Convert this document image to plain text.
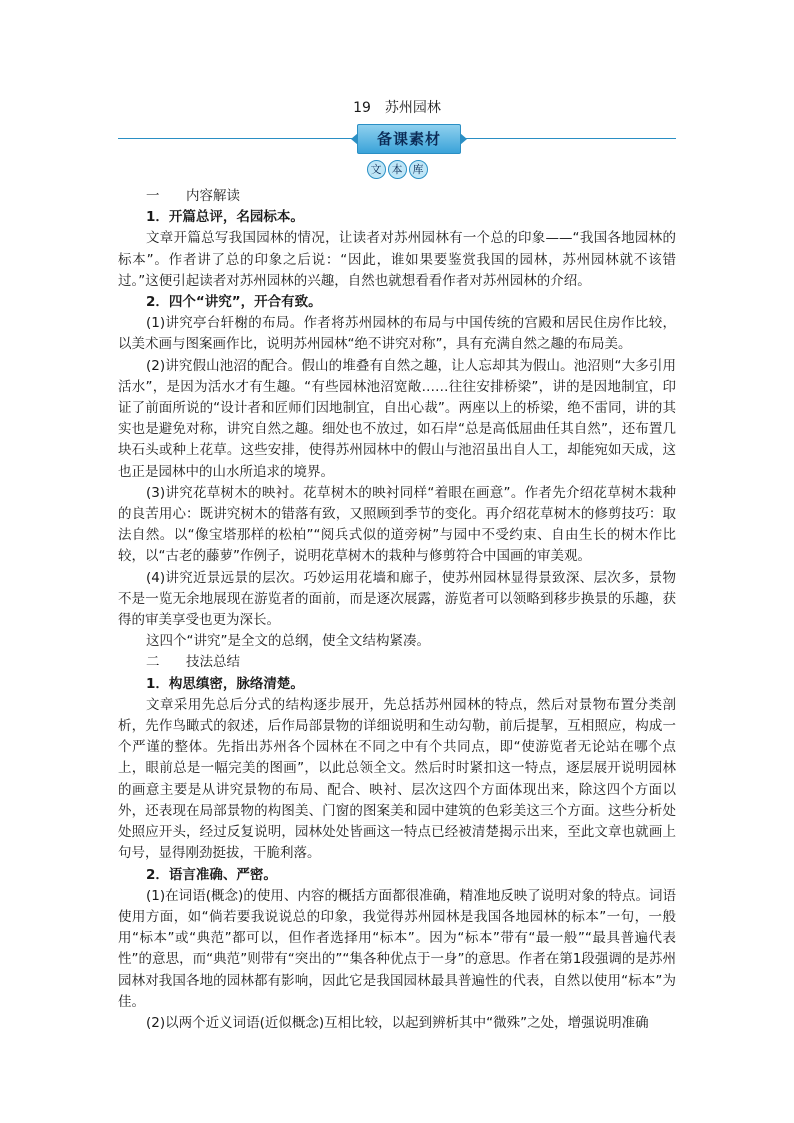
19　苏州园林
备课素材
文 本 库

一 内容解读

1．开篇总评，名园标本。

文章开篇总写我国园林的情况，让读者对苏州园林有一个总的印象——“我国各地园林的标本”。作者讲了总的印象之后说：“因此，谁如果要鉴赏我国的园林，苏州园林就不该错过。”这便引起读者对苏州园林的兴趣，自然也就想看看作者对苏州园林的介绍。

2．四个“讲究”，开合有致。

(1)讲究亭台轩榭的布局。作者将苏州园林的布局与中国传统的宫殿和居民住房作比较，以美术画与图案画作比，说明苏州园林“绝不讲究对称”，具有充满自然之趣的布局美。

(2)讲究假山池沼的配合。假山的堆叠有自然之趣，让人忘却其为假山。池沼则“大多引用活水”，是因为活水才有生趣。“有些园林池沼宽敞……往往安排桥梁”，讲的是因地制宜，印证了前面所说的“设计者和匠师们因地制宜，自出心裁”。两座以上的桥梁，绝不雷同，讲的其实也是避免对称，讲究自然之趣。细处也不放过，如石岸“总是高低屈曲任其自然”，还布置几块石头或种上花草。这些安排，使得苏州园林中的假山与池沼虽出自人工，却能宛如天成，这也正是园林中的山水所追求的境界。

(3)讲究花草树木的映衬。花草树木的映衬同样“着眼在画意”。作者先介绍花草树木栽种的良苦用心：既讲究树木的错落有致，又照顾到季节的变化。再介绍花草树木的修剪技巧：取法自然。以“像宝塔那样的松柏”“阅兵式似的道旁树”与园中不受约束、自由生长的树木作比较，以“古老的藤萝”作例子，说明花草树木的栽种与修剪符合中国画的审美观。

(4)讲究近景远景的层次。巧妙运用花墙和廊子，使苏州园林显得景致深、层次多，景物不是一览无余地展现在游览者的面前，而是逐次展露，游览者可以领略到移步换景的乐趣，获得的审美享受也更为深长。

这四个“讲究”是全文的总纲，使全文结构紧凑。

二 技法总结

1．构思缜密，脉络清楚。

文章采用先总后分式的结构逐步展开，先总括苏州园林的特点，然后对景物布置分类剖析，先作鸟瞰式的叙述，后作局部景物的详细说明和生动勾勒，前后提挈，互相照应，构成一个严谨的整体。先指出苏州各个园林在不同之中有个共同点，即“使游览者无论站在哪个点上，眼前总是一幅完美的图画”，以此总领全文。然后时时紧扣这一特点，逐层展开说明园林的画意主要是从讲究景物的布局、配合、映衬、层次这四个方面体现出来，除这四个方面以外，还表现在局部景物的构图美、门窗的图案美和园中建筑的色彩美这三个方面。这些分析处处照应开头，经过反复说明，园林处处皆画这一特点已经被清楚揭示出来，至此文章也就画上句号，显得刚劲挺拔，干脆利落。

2．语言准确、严密。

(1)在词语(概念)的使用、内容的概括方面都很准确，精准地反映了说明对象的特点。词语使用方面，如“倘若要我说说总的印象，我觉得苏州园林是我国各地园林的标本”一句，一般用“标本”或“典范”都可以，但作者选择用“标本”。因为“标本”带有“最一般”“最具普遍代表性”的意思，而“典范”则带有“突出的”“集各种优点于一身”的意思。作者在第1段强调的是苏州园林对我国各地的园林都有影响，因此它是我国园林最具普遍性的代表，自然以使用“标本”为佳。

(2)以两个近义词语(近似概念)互相比较，以起到辨析其中“微殊”之处，增强说明准确
